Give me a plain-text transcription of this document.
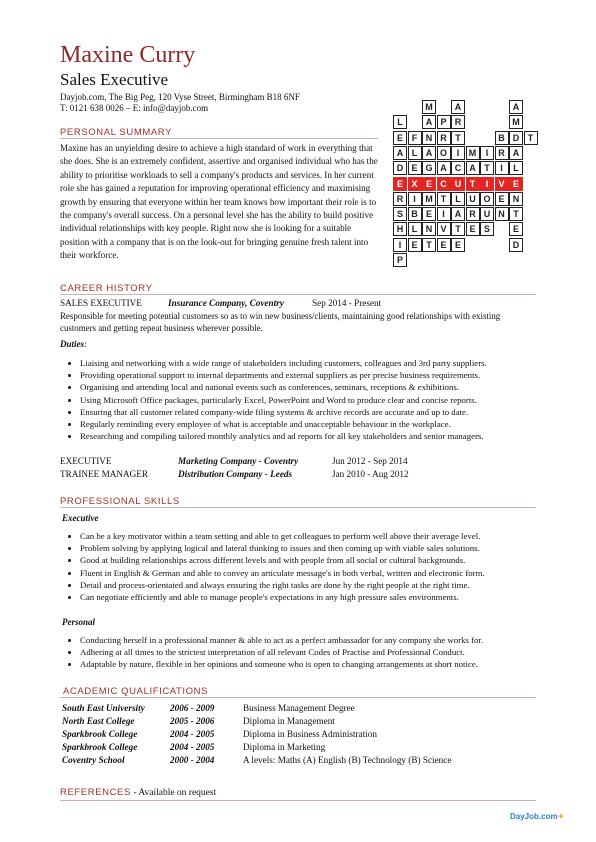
Maxine Curry
Sales Executive
Dayjob.com, The Big Peg, 120 Vyse Street, Birmingham B18 6NF
T: 0121 638 0026 – E: info@dayjob.com
PERSONAL SUMMARY
Maxine has an unyielding desire to achieve a high standard of work in everything that she does. She is an extremely confident, assertive and organised individual who has the ability to prioritise workloads to sell a company's products and services. In her current role she has gained a reputation for improving operational efficiency and maximising growth by ensuring that everyone within her team knows how important their role is to the company's overall success. On a personal level she has the ability to build positive individual relationships with key people. Right now she is looking for a suitable position with a company that is on the look-out for bringing genuine fresh talent into their workforce.
M	A	A
L	A P R	M
E F N R T	B D T
A L A O	I	M	I	R A
D E G A C A T	I	L
E X E C U T	I	V E
R	I	M T	L U O E N
S B E	I	A R U N T
H L N V T E S	E
I	E T E E	D
P
CAREER HISTORY
SALES EXECUTIVE	Insurance Company, Coventry	Sep 2014 - Present
Responsible for meeting potential customers so as to win new business/clients, maintaining good relationships with existing customers and getting repeat business wherever possible.
Duties:
• Liaising and networking with a wide range of stakeholders including customers, colleagues and 3rd party suppliers.
• Providing operational support to internal departments and external suppliers as per precise business requirements.
• Organising and attending local and national events such as conferences, seminars, receptions & exhibitions.
• Using Microsoft Office packages, particularly Excel, PowerPoint and Word to produce clear and concise reports.
• Ensuring that all customer related company-wide filing systems & archive records are accurate and up to date.
• Regularly reminding every employee of what is acceptable and unacceptable behaviour in the workplace.
• Researching and compiling tailored monthly analytics and ad reports for all key stakeholders and senior managers.
EXECUTIVE	Marketing Company - Coventry	Jun 2012 - Sep 2014
TRAINEE MANAGER	Distribution Company - Leeds	Jan 2010 - Aug 2012
PROFESSIONAL SKILLS
Executive
• Can be a key motivator within a team setting and able to get colleagues to perform well above their average level.
• Problem solving by applying logical and lateral thinking to issues and then coming up with viable sales solutions.
• Good at building relationships across different levels and with people from all social or cultural backgrounds.
• Fluent in English & German and able to convey an articulate message's in both verbal, written and electronic form.
• Detail and process-orientated and always ensuring the right tasks are done by the right people at the right time.
• Can negotiate efficiently and able to manage people's expectations in any high pressure sales environments.
Personal
• Conducting herself in a professional manner & able to act as a perfect ambassador for any company she works for.
• Adhering at all times to the strictest interpretation of all relevant Codes of Practise and Professional Conduct.
• Adaptable by nature, flexible in her opinions and someone who is open to changing arrangements at short notice.
ACADEMIC QUALIFICATIONS
South East University	2006 - 2009	Business Management Degree
North East College	2005 - 2006	Diploma in Management
Sparkbrook College	2004 - 2005	Diploma in Business Administration
Sparkbrook College	2004 - 2005	Diploma in Marketing
Coventry School	2000 - 2004	A levels: Maths (A) English (B) Technology (B) Science
REFERENCES - Available on request
DayJob.com✦
